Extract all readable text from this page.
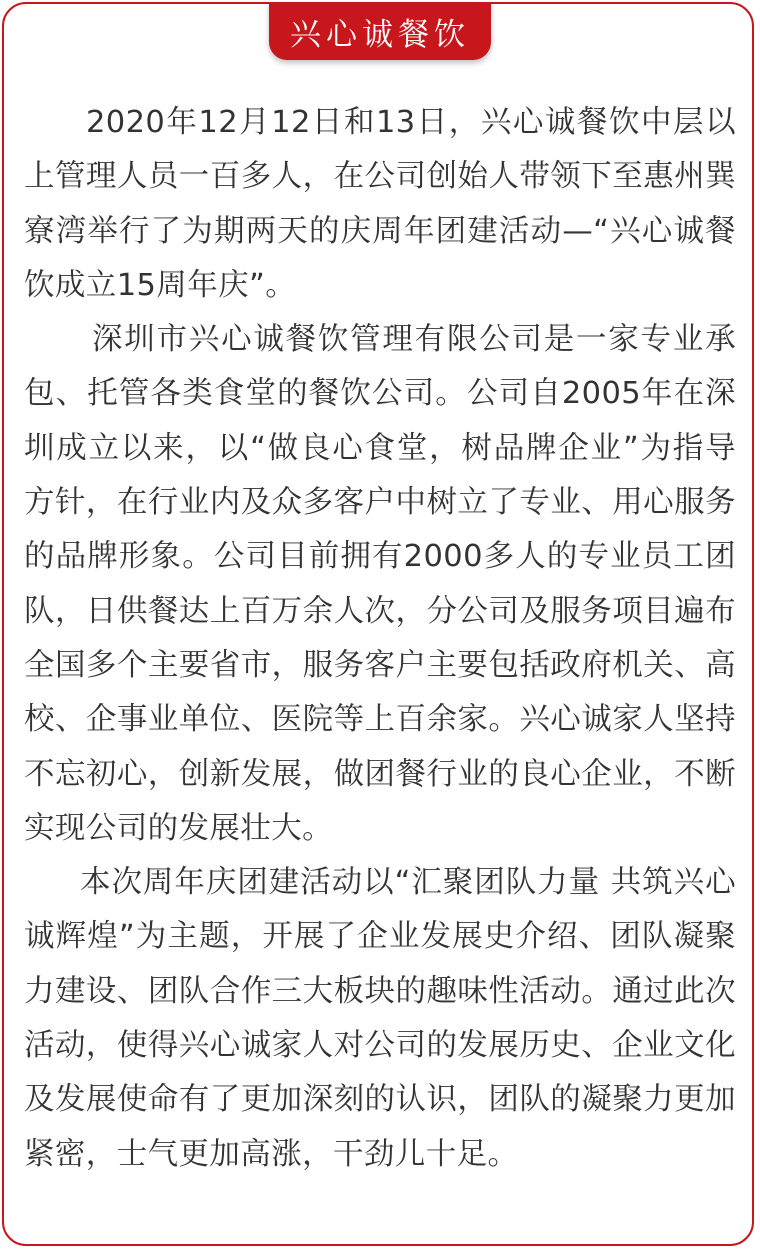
兴心诚餐饮

2020年12月12日和13日，兴心诚餐饮中层以上管理人员一百多人，在公司创始人带领下至惠州巽寮湾举行了为期两天的庆周年团建活动—“兴心诚餐饮成立15周年庆”。

深圳市兴心诚餐饮管理有限公司是一家专业承包、托管各类食堂的餐饮公司。公司自2005年在深圳成立以来，以“做良心食堂，树品牌企业”为指导方针，在行业内及众多客户中树立了专业、用心服务的品牌形象。公司目前拥有2000多人的专业员工团队，日供餐达上百万余人次，分公司及服务项目遍布全国多个主要省市，服务客户主要包括政府机关、高校、企事业单位、医院等上百余家。兴心诚家人坚持不忘初心，创新发展，做团餐行业的良心企业，不断实现公司的发展壮大。

本次周年庆团建活动以“汇聚团队力量 共筑兴心诚辉煌”为主题，开展了企业发展史介绍、团队凝聚力建设、团队合作三大板块的趣味性活动。通过此次活动，使得兴心诚家人对公司的发展历史、企业文化及发展使命有了更加深刻的认识，团队的凝聚力更加紧密，士气更加高涨，干劲儿十足。
